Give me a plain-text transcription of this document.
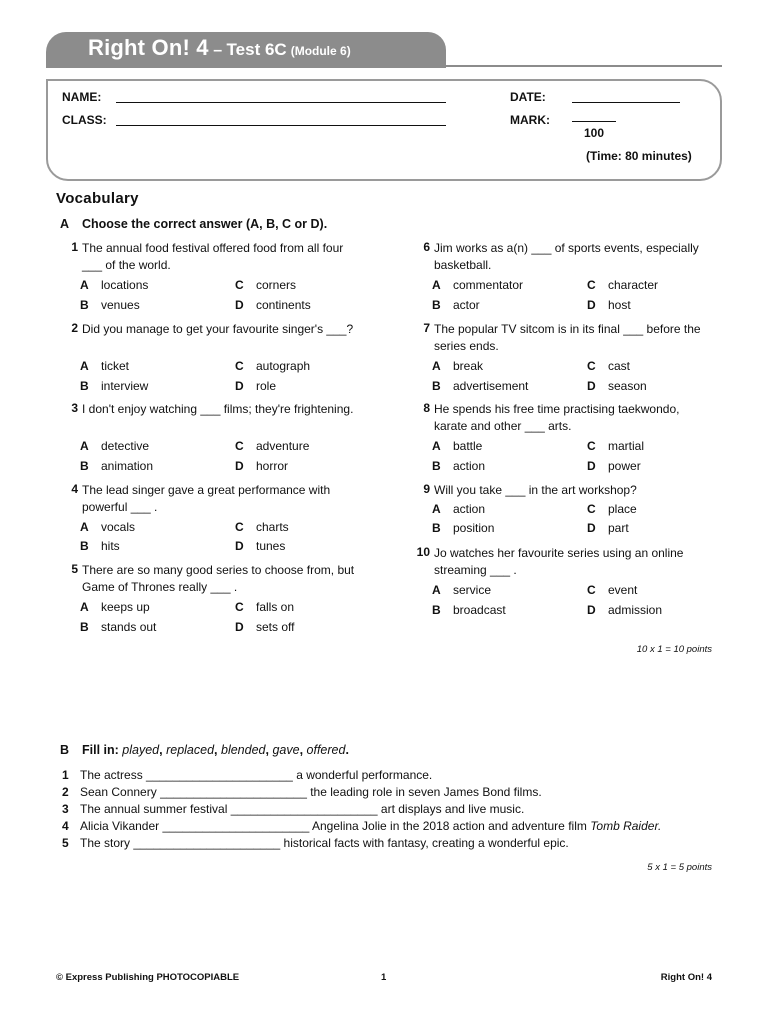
Right On! 4 – Test 6C (Module 6)
NAME:
CLASS:
DATE:
MARK:
100
(Time: 80 minutes)
Vocabulary
A Choose the correct answer (A, B, C or D).
1 The annual food festival offered food from all four ___ of the world.
A locations	C corners
B venues	D continents
2 Did you manage to get your favourite singer's ___?
A ticket	C autograph
B interview	D role
3 I don't enjoy watching ___ films; they're frightening.
A detective	C adventure
B animation	D horror
4 The lead singer gave a great performance with powerful ___ .
A vocals	C charts
B hits	D tunes
5 There are so many good series to choose from, but Game of Thrones really ___ .
A keeps up	C falls on
B stands out	D sets off
6 Jim works as a(n) ___ of sports events, especially basketball.
A commentator	C character
B actor	D host
7 The popular TV sitcom is in its final ___ before the series ends.
A break	C cast
B advertisement	D season
8 He spends his free time practising taekwondo, karate and other ___ arts.
A battle	C martial
B action	D power
9 Will you take ___ in the art workshop?
A action	C place
B position	D part
10 Jo watches her favourite series using an online streaming ___ .
A service	C event
B broadcast	D admission
10 x 1 = 10 points
B Fill in: played, replaced, blended, gave, offered.
1 The actress ______________________ a wonderful performance.
2 Sean Connery ______________________ the leading role in seven James Bond films.
3 The annual summer festival ______________________ art displays and live music.
4 Alicia Vikander ______________________ Angelina Jolie in the 2018 action and adventure film Tomb Raider.
5 The story ______________________ historical facts with fantasy, creating a wonderful epic.
5 x 1 = 5 points
© Express Publishing PHOTOCOPIABLE	1	Right On! 4
